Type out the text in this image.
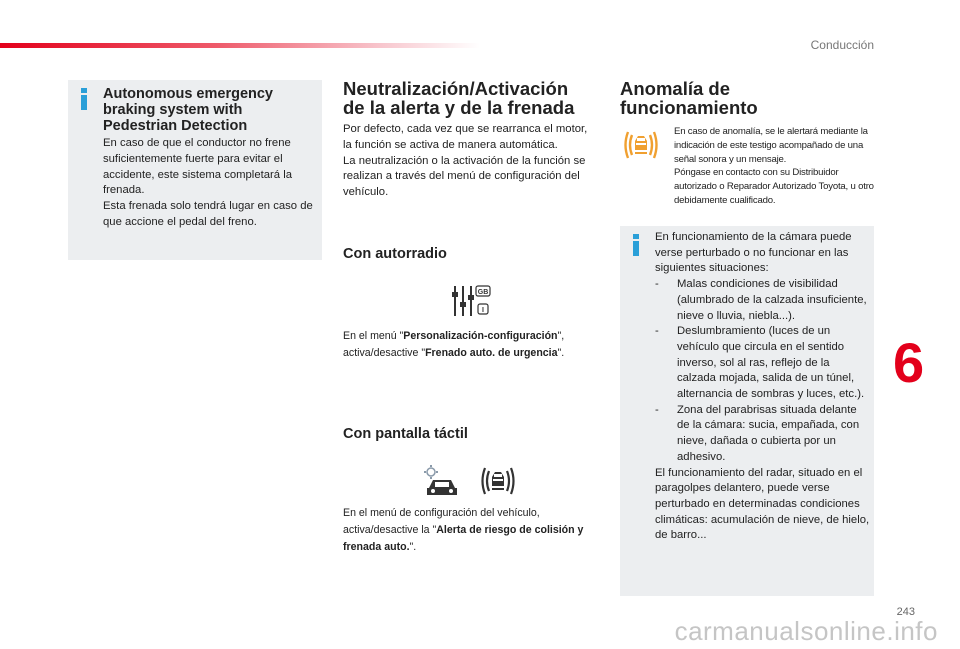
Conducción
Autonomous emergency braking system with Pedestrian Detection
En caso de que el conductor no frene suficientemente fuerte para evitar el accidente, este sistema completará la frenada.
Esta frenada solo tendrá lugar en caso de que accione el pedal del freno.
Neutralización/Activación de la alerta y de la frenada
Por defecto, cada vez que se rearranca el motor, la función se activa de manera automática.
La neutralización o la activación de la función se realizan a través del menú de configuración del vehículo.
Con autorradio
GB
I
En el menú "Personalización-configuración", activa/desactive "Frenado auto. de urgencia".
Con pantalla táctil
En el menú de configuración del vehículo, activa/desactive la "Alerta de riesgo de colisión y frenada auto.".
Anomalía de funcionamiento
En caso de anomalía, se le alertará mediante la indicación de este testigo acompañado de una señal sonora y un mensaje.
Póngase en contacto con su Distribuidor autorizado o Reparador Autorizado Toyota, u otro debidamente cualificado.
En funcionamiento de la cámara puede verse perturbado o no funcionar en las siguientes situaciones:
- Malas condiciones de visibilidad (alumbrado de la calzada insuficiente, nieve o lluvia, niebla...).
- Deslumbramiento (luces de un vehículo que circula en el sentido inverso, sol al ras, reflejo de la calzada mojada, salida de un túnel, alternancia de sombras y luces, etc.).
- Zona del parabrisas situada delante de la cámara: sucia, empañada, con nieve, dañada o cubierta por un adhesivo.
El funcionamiento del radar, situado en el paragolpes delantero, puede verse perturbado en determinadas condiciones climáticas: acumulación de nieve, de hielo, de barro...
6
243
carmanualsonline.info
